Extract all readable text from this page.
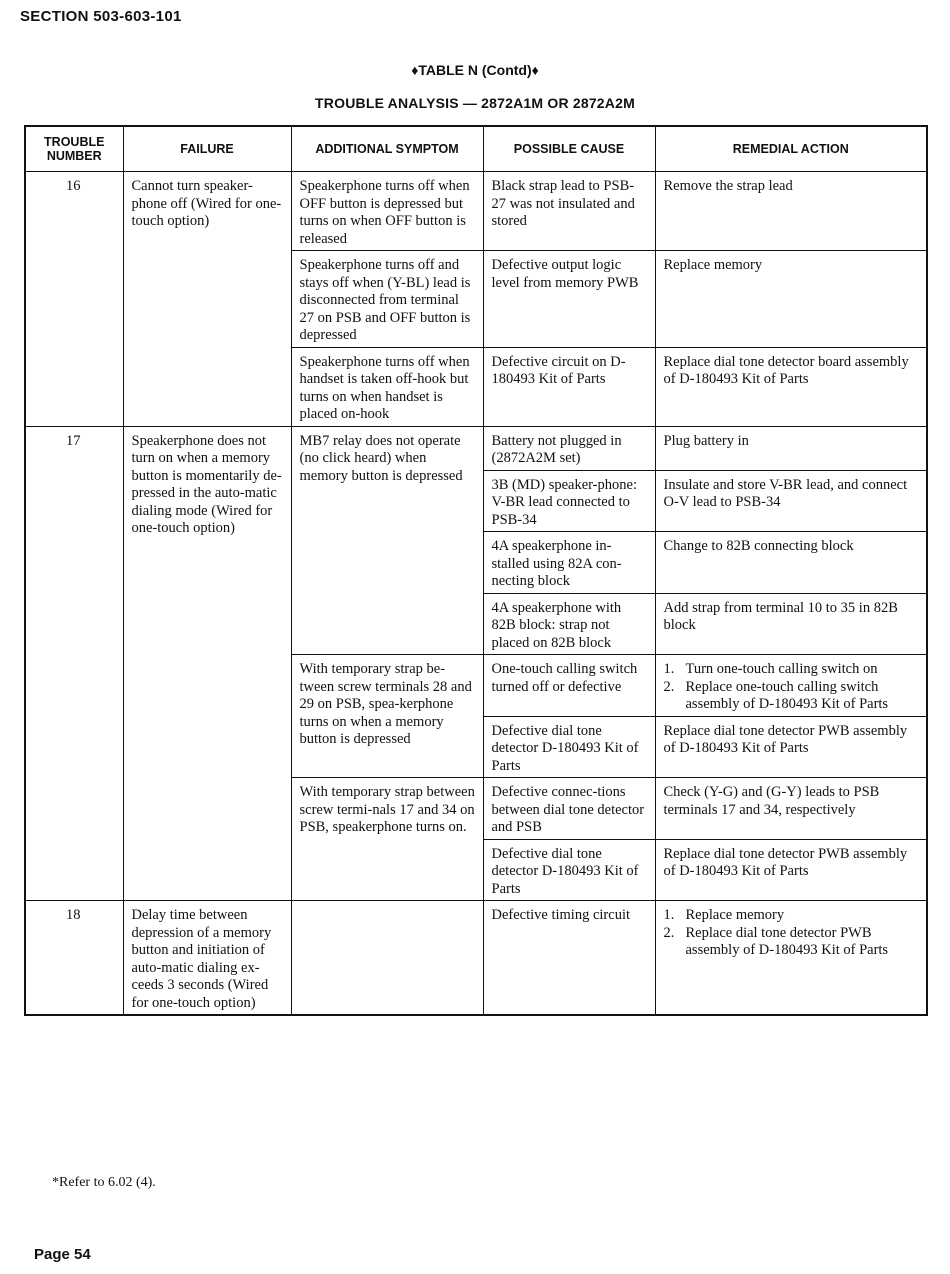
SECTION 503-603-101
♦TABLE N (Contd)♦
TROUBLE ANALYSIS — 2872A1M OR 2872A2M
TROUBLE NUMBER	FAILURE	ADDITIONAL SYMPTOM	POSSIBLE CAUSE	REMEDIAL ACTION
16	Cannot turn speaker-phone off (Wired for one-touch option)	Speakerphone turns off when OFF button is depressed but turns on when OFF button is released	Black strap lead to PSB-27 was not insulated and stored	Remove the strap lead
		Speakerphone turns off and stays off when (Y-BL) lead is disconnected from terminal 27 on PSB and OFF button is depressed	Defective output logic level from memory PWB	Replace memory
		Speakerphone turns off when handset is taken off-hook but turns on when handset is placed on-hook	Defective circuit on D-180493 Kit of Parts	Replace dial tone detector board assembly of D-180493 Kit of Parts
17	Speakerphone does not turn on when a memory button is momentarily de-pressed in the auto-matic dialing mode (Wired for one-touch option)	MB7 relay does not operate (no click heard) when memory button is depressed	Battery not plugged in (2872A2M set)	Plug battery in
			3B (MD) speaker-phone: V-BR lead connected to PSB-34	Insulate and store V-BR lead, and connect O-V lead to PSB-34
			4A speakerphone in-stalled using 82A con-necting block	Change to 82B connecting block
			4A speakerphone with 82B block: strap not placed on 82B block	Add strap from terminal 10 to 35 in 82B block
		With temporary strap be-tween screw terminals 28 and 29 on PSB, spea-kerphone turns on when a memory button is depressed	One-touch calling switch turned off or defective	1. Turn one-touch calling switch on
2. Replace one-touch calling switch assembly of D-180493 Kit of Parts

			Defective dial tone detector D-180493 Kit of Parts	Replace dial tone detector PWB assembly of D-180493 Kit of Parts
		With temporary strap between screw termi-nals 17 and 34 on PSB, speakerphone turns on.	Defective connec-tions between dial tone detector and PSB	Check (Y-G) and (G-Y) leads to PSB terminals 17 and 34, respectively
			Defective dial tone detector D-180493 Kit of Parts	Replace dial tone detector PWB assembly of D-180493 Kit of Parts
18	Delay time between depression of a memory button and initiation of auto-matic dialing ex-ceeds 3 seconds (Wired for one-touch option)		Defective timing circuit	1. Replace memory
2. Replace dial tone detector PWB assembly of D-180493 Kit of Parts
*Refer to 6.02 (4).
Page 54
